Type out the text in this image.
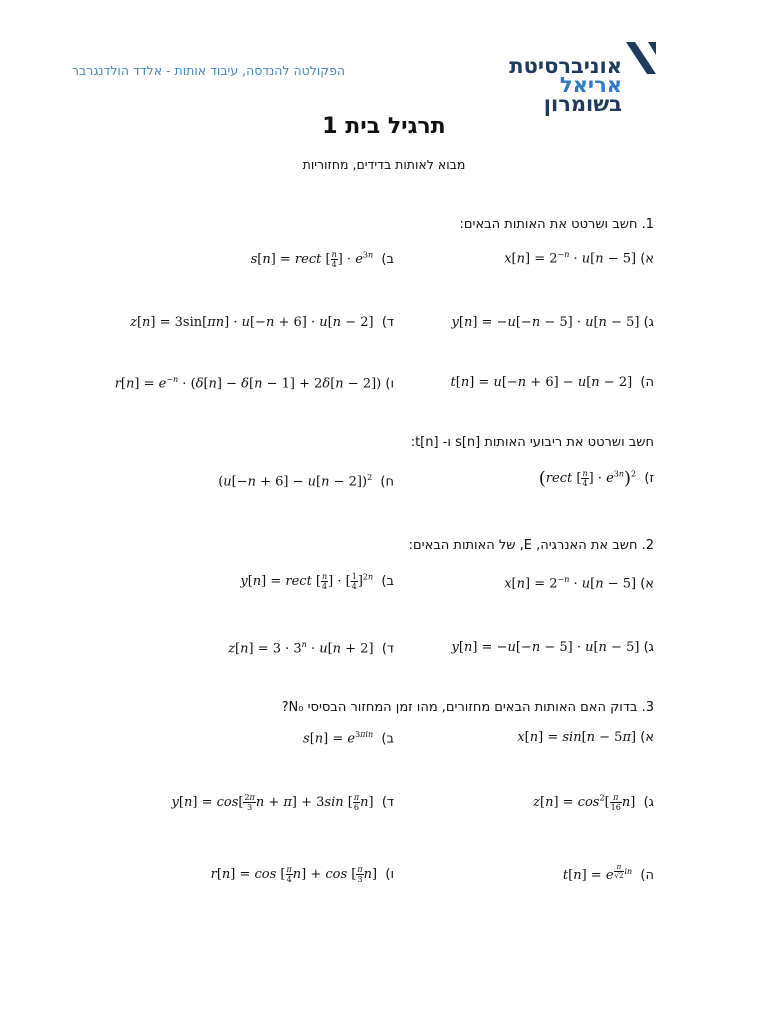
הפקולטה להנדסה, עיבוד אותות - אלדד הולדנגרבר	אוניברסיטת
אריאל
בשומרון
תרגיל בית 1
מבוא לאותות בדידים, מחזוריות
1. חשב ושרטט את האותות הבאים:
$x[n] = 2^{-n} \cdot u[n - 5]$ (א
s[n] = rect [ $\frac{n}{4}$ ] · $e^{3n}$ (ב
y[n] = −u[−n − 5] · u[n − 5] (ג
z[n] = 3sin[πn] · u[−n + 6] · u[n − 2]  (ד
t[n] = u[−n + 6] − u[n − 2]  (ה
$r[n] = e^{-n} \cdot (\delta[n] - \delta[n - 1] + 2\delta[n - 2])$ (ו
חשב ושרטט את ריבועי האותות s[n] ו- t[n]:
(rect [ $\frac{n}{4}$ ] · $e^{3n})^2$ (ז
$(u[-n + 6] - u[n - 2])^2$ (ח
2. חשב את האנרגיה, E, של האותות הבאים:
$x[n] = 2^{-n} \cdot u[n - 5]$ (א
y[n] = rect [ $\frac{n}{4}$ ] · [ $\frac{1}{4} ]^{2n}$ (ב
y[n] = −u[−n − 5] · u[n − 5] (ג
$z[n] = 3 \cdot 3^n \cdot u[n + 2]$  (ד
3. בדוק האם האותות הבאים מחזורים, מהו זמן המחזור הבסיסי N₀?
x[n] = sin[n − 5π] (א
$s[n] = e^{3\pi in}$ (ב
$z[n] = \cos^2[ \frac{\pi}{16} n]$  (ג
$y[n] = \cos[ \frac{2\pi}{3}$ n + π] + 3sin [ $\frac{\pi}{6} n$]  (ד
t[n] = e $^{\frac{\pi}{√2} in}$ (ה
r[n] = cos [ $\frac{\pi}{4} n] + \cos$ [ $\frac{\pi}{3} n$]  (ו
